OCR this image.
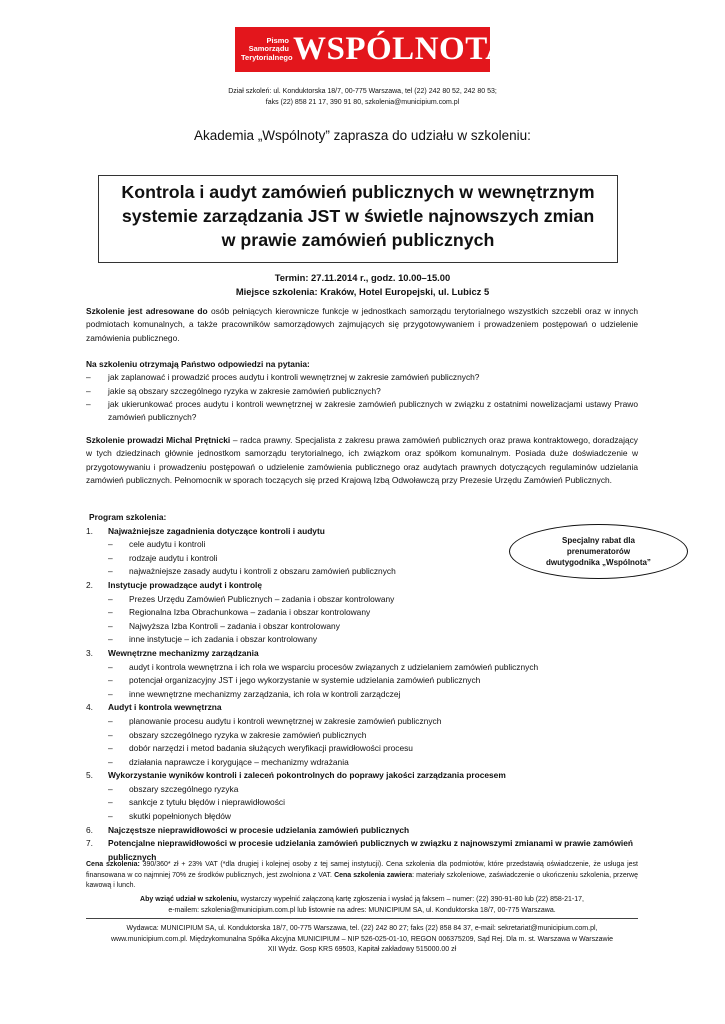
Pismo
Samorządu
Terytorialnego WSPÓLNOTA
Dział szkoleń: ul. Konduktorska 18/7, 00-775 Warszawa, tel (22) 242 80 52, 242 80 53;
faks (22) 858 21 17, 390 91 80, szkolenia@municipium.com.pl
Akademia „Wspólnoty” zaprasza do udziału w szkoleniu:
Kontrola i audyt zamówień publicznych w wewnętrznym
systemie zarządzania JST w świetle najnowszych zmian
w prawie zamówień publicznych
Termin: 27.11.2014 r., godz. 10.00–15.00
Miejsce szkolenia: Kraków, Hotel Europejski, ul. Lubicz 5

Szkolenie jest adresowane do osób pełniących kierownicze funkcje w jednostkach samorządu terytorialnego wszystkich szczebli oraz w innych podmiotach komunalnych, a także pracowników samorządowych zajmujących się przygotowywaniem i prowadzeniem postępowań o udzielenie zamówienia publicznego.

Na szkoleniu otrzymają Państwo odpowiedzi na pytania:
– jak zaplanować i prowadzić proces audytu i kontroli wewnętrznej w zakresie zamówień publicznych?
– jakie są obszary szczególnego ryzyka w zakresie zamówień publicznych?
– jak ukierunkować proces audytu i kontroli wewnętrznej w zakresie zamówień publicznych w związku z ostatnimi nowelizacjami ustawy Prawo zamówień publicznych?

Szkolenie prowadzi Michal Prętnicki – radca prawny. Specjalista z zakresu prawa zamówień publicznych oraz prawa kontraktowego, doradzający w tych dziedzinach głównie jednostkom samorządu terytorialnego, ich związkom oraz spółkom komunalnym. Posiada duże doświadczenie w przygotowywaniu i prowadzeniu postępowań o udzielenie zamówienia publicznego oraz audytach prawnych dotyczących regulaminów udzielania zamówień publicznych. Pełnomocnik w sporach toczących się przed Krajową Izbą Odwoławczą przy Prezesie Urzędu Zamówień Publicznych.

Program szkolenia:
1. Najważniejsze zagadnienia dotyczące kontroli i audytu
– cele audytu i kontroli
– rodzaje audytu i kontroli
– najważniejsze zasady audytu i kontroli z obszaru zamówień publicznych
2. Instytucje prowadzące audyt i kontrolę
– Prezes Urzędu Zamówień Publicznych – zadania i obszar kontrolowany
– Regionalna Izba Obrachunkowa – zadania i obszar kontrolowany
– Najwyższa Izba Kontroli – zadania i obszar kontrolowany
– inne instytucje – ich zadania i obszar kontrolowany
3. Wewnętrzne mechanizmy zarządzania
– audyt i kontrola wewnętrzna i ich rola we wsparciu procesów związanych z udzielaniem zamówień publicznych
– potencjał organizacyjny JST i jego wykorzystanie w systemie udzielania zamówień publicznych
– inne wewnętrzne mechanizmy zarządzania, ich rola w kontroli zarządczej
4. Audyt i kontrola wewnętrzna
– planowanie procesu audytu i kontroli wewnętrznej w zakresie zamówień publicznych
– obszary szczególnego ryzyka w zakresie zamówień publicznych
– dobór narzędzi i metod badania służących weryfikacji prawidłowości procesu
– działania naprawcze i korygujące – mechanizmy wdrażania
5. Wykorzystanie wyników kontroli i zaleceń pokontrolnych do poprawy jakości zarządzania procesem
– obszary szczególnego ryzyka
– sankcje z tytułu błędów i nieprawidłowości
– skutki popełnionych błędów
6. Najczęstsze nieprawidłowości w procesie udzielania zamówień publicznych
7. Potencjalne nieprawidłowości w procesie udzielania zamówień publicznych w związku z najnowszymi zmianami w prawie zamówień publicznych
Specjalny rabat dla
prenumeratorów
dwutygodnika „Wspólnota”

Cena szkolenia: 390/360* zł + 23% VAT (*dla drugiej i kolejnej osoby z tej samej instytucji). Cena szkolenia dla podmiotów, które przedstawią oświadczenie, że usługa jest finansowana w co najmniej 70% ze środków publicznych, jest zwolniona z VAT. Cena szkolenia zawiera: materiały szkoleniowe, zaświadczenie o ukończeniu szkolenia, przerwę kawową i lunch.

Aby wziąć udział w szkoleniu, wystarczy wypełnić załączoną kartę zgłoszenia i wysłać ją faksem – numer: (22) 390-91-80 lub (22) 858-21-17,
e-mailem: szkolenia@municipium.com.pl lub listownie na adres: MUNICIPIUM SA, ul. Konduktorska 18/7, 00-775 Warszawa.
Wydawca: MUNICIPIUM SA, ul. Konduktorska 18/7, 00-775 Warszawa, tel. (22) 242 80 27; faks (22) 858 84 37, e-mail: sekretariat@municipium.com.pl,
www.municipium.com.pl. Międzykomunalna Spółka Akcyjna MUNICIPIUM – NIP 526-025-01-10, REGON 006375209, Sąd Rej. Dla m. st. Warszawa w Warszawie
XII Wydz. Gosp KRS 69503, Kapitał zakładowy 515000.00 zł
